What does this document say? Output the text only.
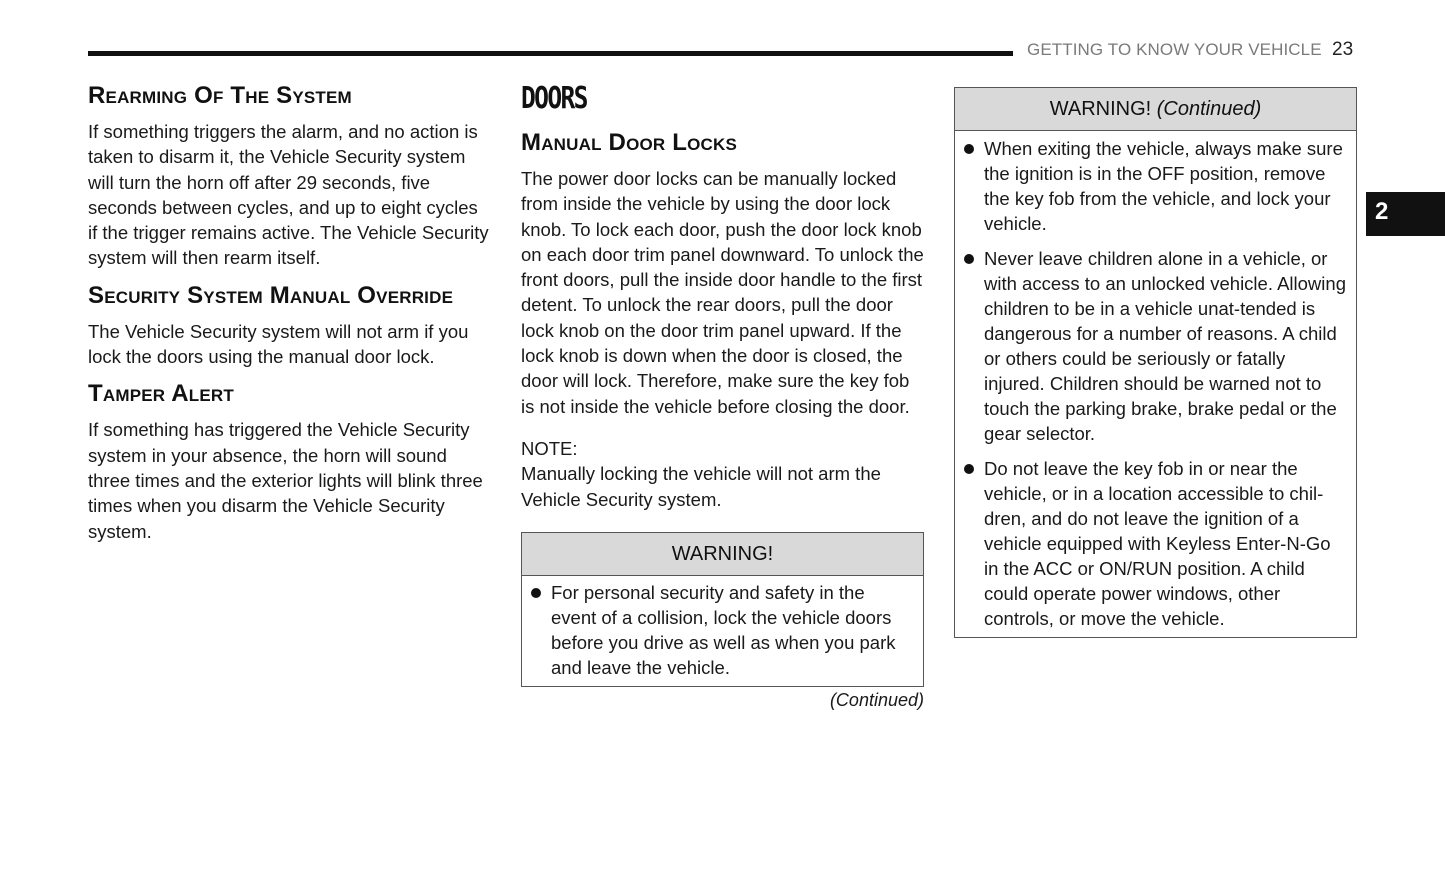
GETTING TO KNOW YOUR VEHICLE 23
2
Rearming Of The System

If something triggers the alarm, and no action is taken to disarm it, the Vehicle Security system will turn the horn off after 29 seconds, five seconds between cycles, and up to eight cycles if the trigger remains active. The Vehicle Security system will then rearm itself.

Security System Manual Override

The Vehicle Security system will not arm if you lock the doors using the manual door lock.

Tamper Alert

If something has triggered the Vehicle Security system in your absence, the horn will sound three times and the exterior lights will blink three times when you disarm the Vehicle Security system.

DOORS
Manual Door Locks

The power door locks can be manually locked from inside the vehicle by using the door lock knob. To lock each door, push the door lock knob on each door trim panel downward. To unlock the front doors, pull the inside door handle to the first detent. To unlock the rear doors, pull the door lock knob on the door trim panel upward. If the lock knob is down when the door is closed, the door will lock. Therefore, make sure the key fob is not inside the vehicle before closing the door.

NOTE:

Manually locking the vehicle will not arm the Vehicle Security system.

WARNING!
For personal security and safety in the event of a collision, lock the vehicle doors before you drive as well as when you park and leave the vehicle.
(Continued)
WARNING! (Continued)
When exiting the vehicle, always make sure the ignition is in the OFF position, remove the key fob from the vehicle, and lock your vehicle.
Never leave children alone in a vehicle, or with access to an unlocked vehicle. Allowing children to be in a vehicle unat-tended is dangerous for a number of reasons. A child or others could be seriously or fatally injured. Children should be warned not to touch the parking brake, brake pedal or the gear selector.
Do not leave the key fob in or near the vehicle, or in a location accessible to chil-dren, and do not leave the ignition of a vehicle equipped with Keyless Enter-N-Go in the ACC or ON/RUN position. A child could operate power windows, other controls, or move the vehicle.
